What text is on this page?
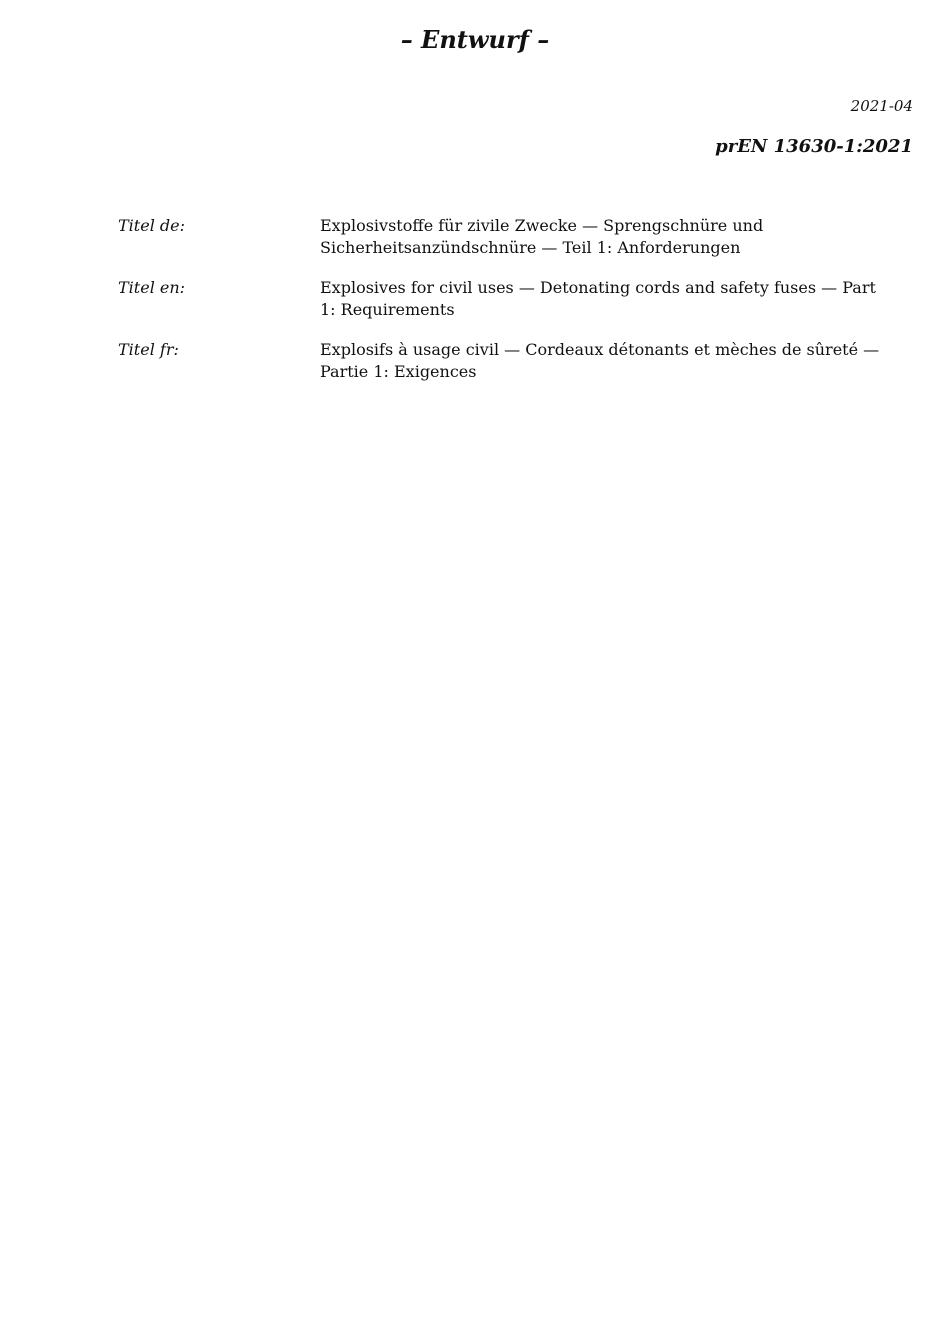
– Entwurf –
2021-04
prEN 13630-1:2021
Titel de:	Explosivstoffe für zivile Zwecke — Sprengschnüre und Sicherheitsanzündschnüre — Teil 1: Anforderungen
Titel en:	Explosives for civil uses — Detonating cords and safety fuses — Part 1: Requirements
Titel fr:	Explosifs à usage civil — Cordeaux détonants et mèches de sûreté — Partie 1: Exigences
